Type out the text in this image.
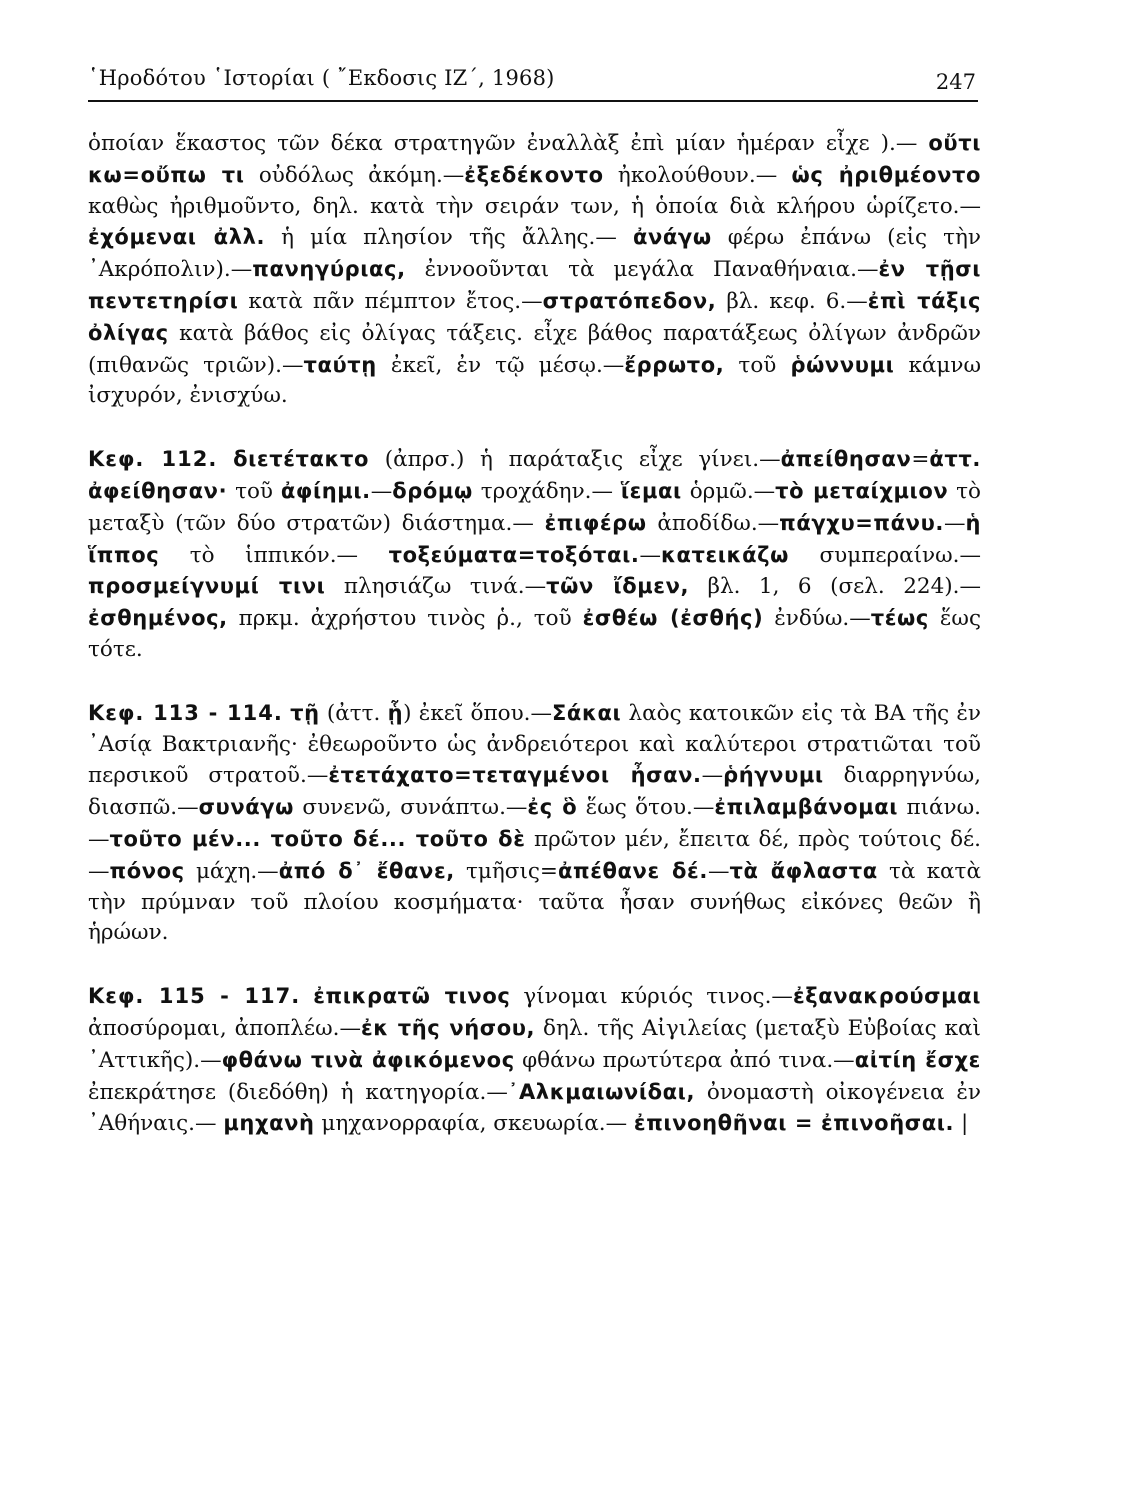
῾Ηροδότου ῾Ιστορίαι ( ῎Εκδοσις ΙΖ΄, 1968)	247

ὁποίαν ἕκαστος τῶν δέκα στρατηγῶν ἐναλλὰξ ἐπὶ μίαν ἡμέραν εἶχε ).— οὔτι κω=οὔπω τι οὐδόλως ἀκόμη.—ἐξεδέκοντο ἠκολούθουν.— ὡς ἠριθμέοντο καθὼς ἠριθμοῦντο, δηλ. κατὰ τὴν σειράν των, ἡ ὁποία διὰ κλήρου ὡρίζετο.—ἐχόμεναι ἀλλ. ἡ μία πλησίον τῆς ἄλλης.— ἀνάγω φέρω ἐπάνω (εἰς τὴν ᾿Ακρόπολιν).—πανηγύριας, ἐννοοῦνται τὰ μεγάλα Παναθήναια.—ἐν τῇσι πεντετηρίσι κατὰ πᾶν πέμπτον ἔτος.—στρατόπεδον, βλ. κεφ. 6.—ἐπὶ τάξις ὀλίγας κατὰ βάθος εἰς ὀλίγας τάξεις. εἶχε βάθος παρατάξεως ὀλίγων ἀνδρῶν (πιθανῶς τριῶν).—ταύτῃ ἐκεῖ, ἐν τῷ μέσῳ.—ἔρρωτο, τοῦ ῥώννυμι κάμνω ἰσχυρόν, ἐνισχύω.

Κεφ. 112. διετέτακτο (ἀπρσ.) ἡ παράταξις εἶχε γίνει.—ἀπείθησαν=ἀττ. ἀφείθησαν· τοῦ ἀφίημι.—δρόμῳ τροχάδην.— ἵεμαι ὁρμῶ.—τὸ μεταίχμιον τὸ μεταξὺ (τῶν δύο στρατῶν) διάστημα.— ἐπιφέρω ἀποδίδω.—πάγχυ=πάνυ.—ἡ ἵππος τὸ ἱππικόν.— τοξεύματα=τοξόται.—κατεικάζω συμπεραίνω.—προσμείγνυμί τινι πλησιάζω τινά.—τῶν ἴδμεν, βλ. 1, 6 (σελ. 224).—ἐσθημένος, πρκμ. ἀχρήστου τινὸς ῥ., τοῦ ἐσθέω (ἐσθής) ἐνδύω.—τέως ἕως τότε.

Κεφ. 113 - 114. τῇ (ἀττ. ᾗ) ἐκεῖ ὅπου.—Σάκαι λαὸς κατοικῶν εἰς τὰ ΒΑ τῆς ἐν ᾿Ασίᾳ Βακτριανῆς· ἐθεωροῦντο ὡς ἀνδρειότεροι καὶ καλύτεροι στρατιῶται τοῦ περσικοῦ στρατοῦ.—ἐτετάχατο=τεταγμένοι ἦσαν.—ῥήγνυμι διαρρηγνύω, διασπῶ.—συνάγω συνενῶ, συνάπτω.—ἐς ὃ ἕως ὅτου.—ἐπιλαμβάνομαι πιάνω.—τοῦτο μέν... τοῦτο δέ... τοῦτο δὲ πρῶτον μέν, ἔπειτα δέ, πρὸς τούτοις δέ.—πόνος μάχη.—ἀπό δ᾽ ἔθανε, τμῆσις=ἀπέθανε δέ.—τὰ ἄφλαστα τὰ κατὰ τὴν πρύμναν τοῦ πλοίου κοσμήματα· ταῦτα ἦσαν συνήθως εἰκόνες θεῶν ἢ ἡρώων.

Κεφ. 115 - 117. ἐπικρατῶ τινος γίνομαι κύριός τινος.—ἐξανακρούσμαι ἀποσύρομαι, ἀποπλέω.—ἐκ τῆς νήσου, δηλ. τῆς Αἰγιλείας (μεταξὺ Εὐβοίας καὶ ᾿Αττικῆς).—φθάνω τινὰ ἀφικόμενος φθάνω πρωτύτερα ἀπό τινα.—αἰτίη ἔσχε ἐπεκράτησε (διεδόθη) ἡ κατηγορία.—᾿Αλκμαιωνίδαι, ὀνομαστὴ οἰκογένεια ἐν ᾿Αθήναις.— μηχανὴ μηχανορραφία, σκευωρία.— ἐπινοηθῆναι = ἐπινοῆσαι. |
